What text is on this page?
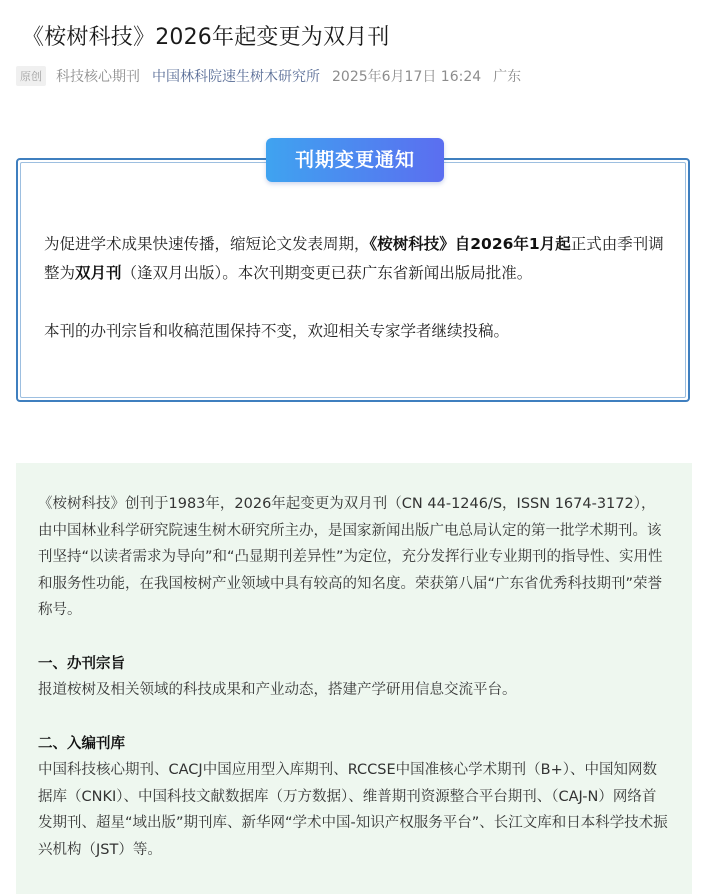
《桉树科技》2026年起变更为双月刊
原创 科技核心期刊 中国林科院速生树木研究所 2025年6月17日 16:24 广东
刊期变更通知

为促进学术成果快速传播，缩短论文发表周期，《桉树科技》自2026年1月起正式由季刊调整为双月刊（逢双月出版）。本次刊期变更已获广东省新闻出版局批准。

本刊的办刊宗旨和收稿范围保持不变，欢迎相关专家学者继续投稿。

《桉树科技》创刊于1983年，2026年起变更为双月刊（CN 44-1246/S，ISSN 1674-3172），由中国林业科学研究院速生树木研究所主办，是国家新闻出版广电总局认定的第一批学术期刊。该刊坚持“以读者需求为导向”和“凸显期刊差异性”为定位，充分发挥行业专业期刊的指导性、实用性和服务性功能，在我国桉树产业领域中具有较高的知名度。荣获第八届“广东省优秀科技期刊”荣誉称号。

一、办刊宗旨

报道桉树及相关领域的科技成果和产业动态，搭建产学研用信息交流平台。

二、入编刊库

中国科技核心期刊、CACJ中国应用型入库期刊、RCCSE中国准核心学术期刊（B+）、中国知网数据库（CNKI）、中国科技文献数据库（万方数据）、维普期刊资源整合平台期刊、（CAJ-N）网络首发期刊、超星“域出版”期刊库、新华网“学术中国-知识产权服务平台”、长江文库和日本科学技术振兴机构（JST）等。
